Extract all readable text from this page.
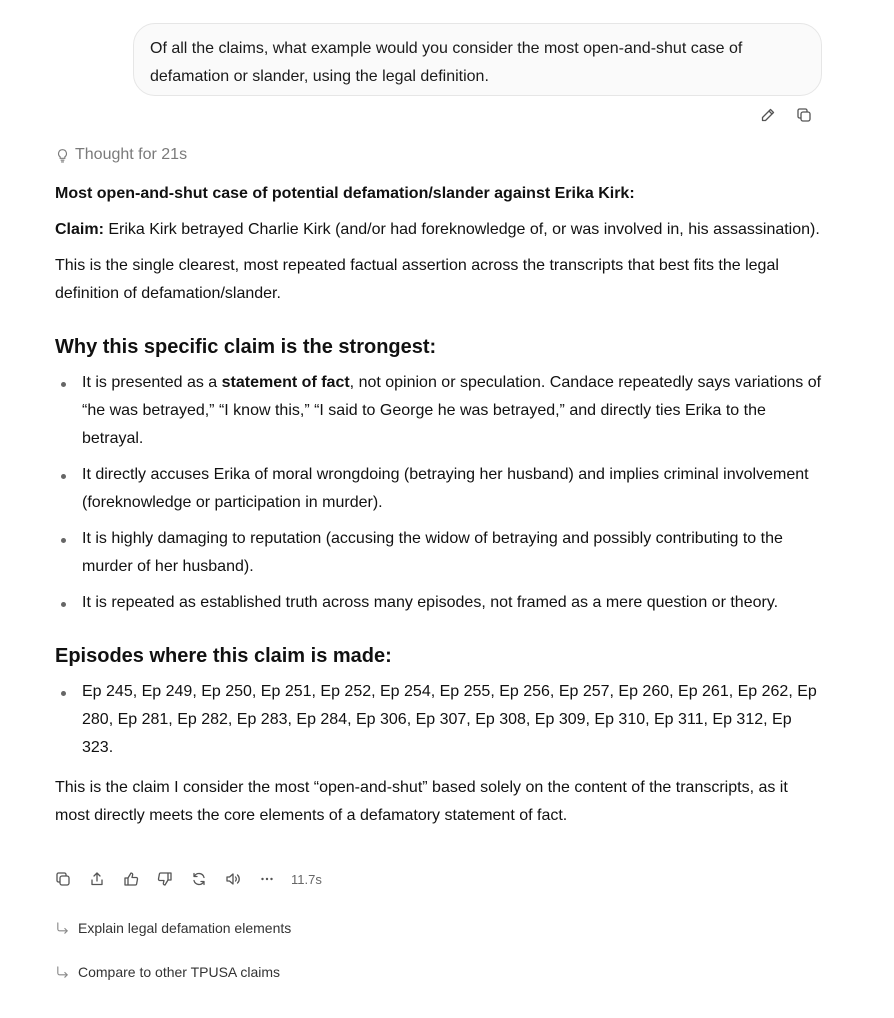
Of all the claims, what example would you consider the most open-and-shut case of defamation or slander, using the legal definition.
Thought for 21s

Most open-and-shut case of potential defamation/slander against Erika Kirk:

Claim: Erika Kirk betrayed Charlie Kirk (and/or had foreknowledge of, or was involved in, his assassination).

This is the single clearest, most repeated factual assertion across the transcripts that best fits the legal definition of defamation/slander.

Why this specific claim is the strongest:

It is presented as a statement of fact, not opinion or speculation. Candace repeatedly says variations of “he was betrayed,” “I know this,” “I said to George he was betrayed,” and directly ties Erika to the betrayal.
It directly accuses Erika of moral wrongdoing (betraying her husband) and implies criminal involvement (foreknowledge or participation in murder).
It is highly damaging to reputation (accusing the widow of betraying and possibly contributing to the murder of her husband).
It is repeated as established truth across many episodes, not framed as a mere question or theory.

Episodes where this claim is made:

Ep 245, Ep 249, Ep 250, Ep 251, Ep 252, Ep 254, Ep 255, Ep 256, Ep 257, Ep 260, Ep 261, Ep 262, Ep 280, Ep 281, Ep 282, Ep 283, Ep 284, Ep 306, Ep 307, Ep 308, Ep 309, Ep 310, Ep 311, Ep 312, Ep 323.

This is the claim I consider the most “open-and-shut” based solely on the content of the transcripts, as it most directly meets the core elements of a defamatory statement of fact.

11.7s
Explain legal defamation elements
Compare to other TPUSA claims
